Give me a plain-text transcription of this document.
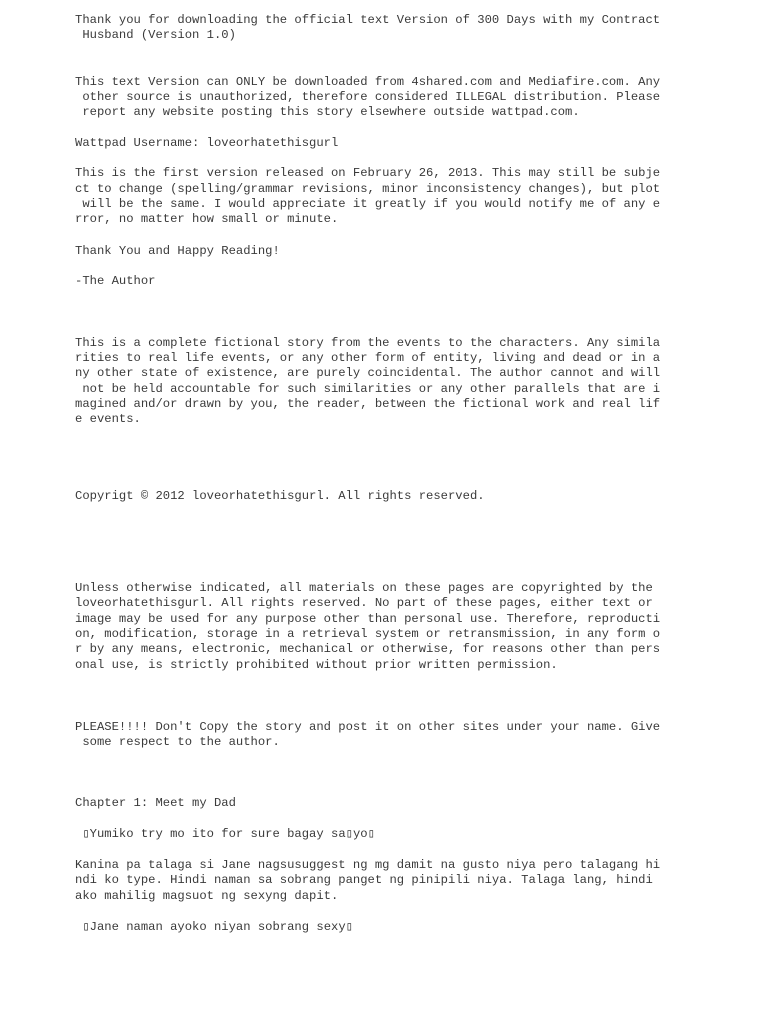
Thank you for downloading the official text Version of 300 Days with my Contract

Husband (Version 1.0)

This text Version can ONLY be downloaded from 4shared.com and Mediafire.com. Any

other source is unauthorized, therefore considered ILLEGAL distribution. Please

report any website posting this story elsewhere outside wattpad.com.

Wattpad Username: loveorhatethisgurl

This is the first version released on February 26, 2013. This may still be subje

ct to change (spelling/grammar revisions, minor inconsistency changes), but plot

will be the same. I would appreciate it greatly if you would notify me of any e

rror, no matter how small or minute.

Thank You and Happy Reading!

-The Author

This is a complete fictional story from the events to the characters. Any simila

rities to real life events, or any other form of entity, living and dead or in a

ny other state of existence, are purely coincidental. The author cannot and will

not be held accountable for such similarities or any other parallels that are i

magined and/or drawn by you, the reader, between the fictional work and real lif

e events.

Copyrigt © 2012 loveorhatethisgurl. All rights reserved.

Unless otherwise indicated, all materials on these pages are copyrighted by the

loveorhatethisgurl. All rights reserved. No part of these pages, either text or

image may be used for any purpose other than personal use. Therefore, reproducti

on, modification, storage in a retrieval system or retransmission, in any form o

r by any means, electronic, mechanical or otherwise, for reasons other than pers

onal use, is strictly prohibited without prior written permission.

PLEASE!!!! Don't Copy the story and post it on other sites under your name. Give

some respect to the author.

Chapter 1: Meet my Dad

▯Yumiko try mo ito for sure bagay sa▯yo▯

Kanina pa talaga si Jane nagsusuggest ng mg damit na gusto niya pero talagang hi

ndi ko type. Hindi naman sa sobrang panget ng pinipili niya. Talaga lang, hindi

ako mahilig magsuot ng sexyng dapit.

▯Jane naman ayoko niyan sobrang sexy▯
